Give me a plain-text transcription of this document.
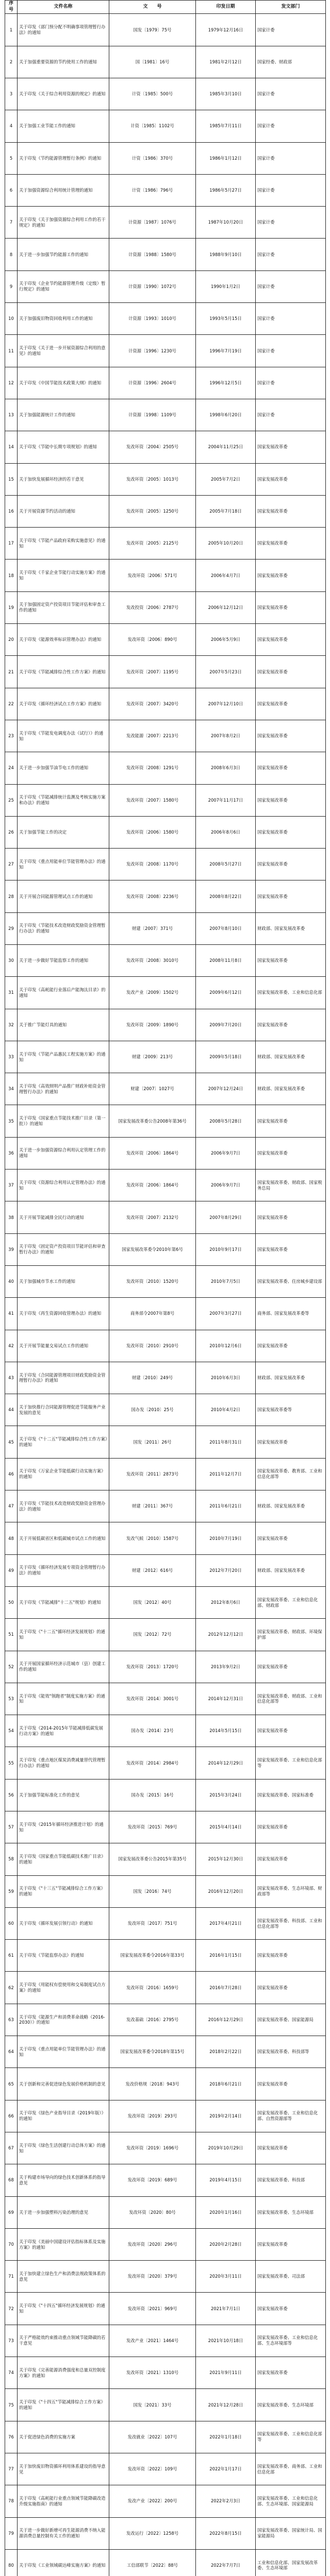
序号	文件名称	文　　号	印发日期	发文部门
1	关于印发《部门预分配不明确事项管理暂行办法》的通知	国发〔1979〕75号	1979年12月16日	国家计委
2	关于加强重要资源的节约使用工作的通知	国〔1981〕16号	1981年2月12日	国家经委、财政部
3	关于印发《关于综合利用资源的规定》的通知	计资〔1985〕500号	1985年3月10日	国家计委
4	关于加强工业节能工作的通知	计资〔1985〕1102号	1985年7月11日	国家计委
5	关于印发《节约能源管理暂行条例》的通知	计资〔1986〕370号	1986年1月12日	国家计委
6	关于加强资源综合利用统计管理的通知	计资〔1986〕796号	1986年5月27日	国家计委
7	关于印发《关于加强资源综合利用工作的若干规定》的通知	计资源〔1987〕1076号	1987年10月20日	国家计委
8	关于进一步加强节约能源工作的通知	计资源〔1988〕1580号	1988年9月10日	国家计委
9	关于印发《企业节约能源管理升级（定级）暂行规定》的通知	计资源〔1990〕1072号	1990年1月2日	国家计委
10	关于加强废旧物资回收利用工作的通知	计资源〔1993〕1010号	1993年5月15日	国家计委
11	关于印发《关于进一步开展资源综合利用的意见》的通知	计资源〔1996〕1230号	1996年7月19日	国家计委
12	关于印发《中国节能技术政策大纲》的通知	计资源〔1996〕2604号	1996年12月5日	国家计委
13	关于加强能源统计工作的通知	计资源〔1998〕1109号	1998年6月20日	国家计委
14	关于印发《节能中长期专项规划》的通知	发改环资〔2004〕2505号	2004年11月25日	国家发展改革委
15	关于加快发展循环经济的若干意见	发改环资〔2005〕1013号	2005年7月2日	国家发展改革委
16	关于开展资源节约活动的通知	发改环资〔2005〕1250号	2005年7月18日	国家发展改革委
17	关于印发《节能产品政府采购实施意见》的通知	发改环资〔2005〕2125号	2005年10月20日	国家发展改革委
18	关于印发《千家企业节能行动实施方案》的通知	发改环资〔2006〕571号	2006年4月7日	国家发展改革委
19	关于加强固定资产投资项目节能评估和审查工作的通知	发改投资〔2006〕2787号	2006年12月12日	国家发展改革委
20	关于印发《能源效率标识管理办法》的通知	发改环资〔2006〕890号	2006年5月9日	国家发展改革委
21	关于印发《节能减排综合性工作方案》的通知	发改环资〔2007〕1195号	2007年5月23日	国家发展改革委
22	关于印发《循环经济试点工作方案》的通知	发改环资〔2007〕3420号	2007年12月10日	国家发展改革委
23	关于印发《节能发电调度办法（试行）》的通知	发改能源〔2007〕2213号	2007年8月2日	国家发展改革委
24	关于进一步加强节油节电工作的通知	发改环资〔2008〕1291号	2008年6月3日	国家发展改革委
25	关于印发《节能减排统计监测及考核实施方案和办法》的通知	发改环资〔2007〕1580号	2007年11月17日	国家发展改革委
26	关于加强节能工作的决定	发改环资〔2006〕1580号	2006年8月6日	国家发展改革委
27	关于印发《重点用能单位节能管理办法》的通知	发改环资〔2008〕1170号	2008年5月27日	国家发展改革委
28	关于开展合同能源管理试点工作的通知	发改环资〔2008〕2236号	2008年8月22日	国家发展改革委
29	关于印发《节能技术改造财政奖励资金管理暂行办法》的通知	财建〔2007〕371号	2007年8月10日	财政部、国家发展改革委
30	关于进一步做好节能监察工作的通知	发改环资〔2008〕3010号	2008年11月8日	国家发展改革委
31	关于印发《高耗能行业落后产能淘汰目录》的通知	发改产业〔2009〕1502号	2009年6月12日	国家发展改革委、工业和信息化部
32	关于推广节能灯具的通知	发改环资〔2009〕1890号	2009年7月20日	国家发展改革委
33	关于印发《节能产品惠民工程实施方案》的通知	财建〔2009〕213号	2009年5月18日	财政部、国家发展改革委
34	关于印发《高效照明产品推广财政补贴资金管理暂行办法》的通知	财建〔2007〕1027号	2007年12月24日	财政部、国家发展改革委
35	关于印发《国家重点节能技术推广目录（第一批）》的通知	国家发展改革委公告2008年第36号	2008年5月28日	国家发展改革委
36	关于进一步加强资源综合利用认定管理工作的通知	发改环资〔2006〕1864号	2006年9月7日	国家发展改革委
37	关于印发《资源综合利用认定管理办法》的通知	发改环资〔2006〕1864号	2006年9月7日	国家发展改革委、财政部、国家税务总局
38	关于开展节能减排全民行动的通知	发改环资〔2007〕2132号	2007年8月29日	国家发展改革委
39	关于印发《固定资产投资项目节能评估和审查暂行办法》的通知	国家发展改革委令2010年第6号	2010年9月17日	国家发展改革委
40	关于加强城市节水工作的通知	发改环资〔2010〕1520号	2010年7月5日	国家发展改革委、住房城乡建设部
41	关于印发《再生资源回收管理办法》的通知	商务部令2007年第8号	2007年3月27日	商务部、国家发展改革委等
42	关于开展节能量交易试点工作的通知	发改环资〔2010〕2910号	2010年12月6日	国家发展改革委
43	关于印发《合同能源管理项目财政奖励资金管理暂行办法》的通知	财建〔2010〕249号	2010年6月3日	财政部、国家发展改革委
44	关于加快推行合同能源管理促进节能服务产业发展的意见	国办发〔2010〕25号	2010年4月2日	国家发展改革委等
45	关于印发《"十二五"节能减排综合性工作方案》的通知	国发〔2011〕26号	2011年8月31日	国家发展改革委
46	关于印发《万家企业节能低碳行动实施方案》的通知	发改环资〔2011〕2873号	2011年12月7日	国家发展改革委、教育部、工业和信息化部等
47	关于印发《节能技术改造财政奖励资金管理办法》的通知	财建〔2011〕367号	2011年6月21日	财政部、国家发展改革委
48	关于开展低碳省区和低碳城市试点工作的通知	发改气候〔2010〕1587号	2010年7月19日	国家发展改革委
49	关于印发《循环经济发展专项资金管理暂行办法》的通知	财建〔2012〕616号	2012年7月20日	财政部、国家发展改革委
50	关于印发《节能减排"十二五"规划》的通知	国发〔2012〕40号	2012年8月6日	国家发展改革委、工业和信息化部、财政部
51	关于印发《"十二五"循环经济发展规划》的通知	国发〔2012〕72号	2012年12月12日	国家发展改革委、财政部、环境保护部
52	关于开展国家循环经济示范城市（县）创建工作的通知	发改环资〔2013〕1720号	2013年9月2日	国家发展改革委
53	关于印发《能效"领跑者"制度实施方案》的通知	发改环资〔2014〕3001号	2014年12月31日	国家发展改革委、财政部、工业和信息化部等
54	关于印发《2014-2015年节能减排低碳发展行动方案》的通知	国办发〔2014〕23号	2014年5月15日	国家发展改革委
55	关于印发《重点地区煤炭消费减量替代管理暂行办法》的通知	发改环资〔2014〕2984号	2014年12月29日	国家发展改革委、工业和信息化部等
56	关于加强节能标准化工作的意见	国办发〔2015〕16号	2015年3月24日	国家发展改革委、国家标准委
57	关于印发《2015年循环经济推进计划》的通知	发改环资〔2015〕769号	2015年4月14日	国家发展改革委
58	关于印发《国家重点节能低碳技术推广目录》的通知	国家发展改革委公告2015年第35号	2015年12月30日	国家发展改革委
59	关于印发《"十三五"节能减排综合工作方案》的通知	国发〔2016〕74号	2016年12月20日	国家发展改革委、生态环境部、财政部等
60	关于印发《循环发展引领行动》的通知	发改环资〔2017〕751号	2017年4月21日	国家发展改革委、科技部、工业和信息化部等
61	关于印发《节能监察办法》的通知	国家发展改革委令2016年第33号	2016年1月15日	国家发展改革委
62	关于印发《用能权有偿使用和交易制度试点方案》的通知	发改环资〔2016〕1659号	2016年7月28日	国家发展改革委
63	关于印发《能源生产和消费革命战略（2016-2030）》的通知	发改基础〔2016〕2795号	2016年12月29日	国家发展改革委、国家能源局
64	关于印发《重点用能单位节能管理办法》的通知	国家发展改革委令2018年第15号	2018年2月22日	国家发展改革委、科技部等
65	关于创新和完善促进绿色发展价格机制的意见	发改价格规〔2018〕943号	2018年6月21日	国家发展改革委
66	关于印发《绿色产业指导目录（2019年版）》的通知	发改环资〔2019〕293号	2019年2月14日	国家发展改革委、工业和信息化部、自然资源部等
67	关于印发《绿色生活创建行动总体方案》的通知	发改环资〔2019〕1696号	2019年10月29日	国家发展改革委
68	关于构建市场导向的绿色技术创新体系的指导意见	发改环资〔2019〕689号	2019年4月15日	国家发展改革委、科技部
69	关于进一步加强塑料污染治理的意见	发改环资〔2020〕80号	2020年1月16日	国家发展改革委、生态环境部
70	关于印发《美丽中国建设评估指标体系及实施方案》的通知	发改环资〔2020〕296号	2020年2月28日	国家发展改革委
71	关于加快建立绿色生产和消费法规政策体系的意见	发改环资〔2020〕379号	2020年3月11日	国家发展改革委、司法部
72	关于印发《"十四五"循环经济发展规划》的通知	发改环资〔2021〕969号	2021年7月1日	国家发展改革委
73	关于严格能效约束推动重点领域节能降碳的若干意见	发改产业〔2021〕1464号	2021年10月18日	国家发展改革委、工业和信息化部、生态环境部等
74	关于印发《完善能源消费强度和总量双控制度方案》的通知	发改环资〔2021〕1310号	2021年9月11日	国家发展改革委
75	关于印发《"十四五"节能减排综合工作方案》的通知	国发〔2021〕33号	2021年12月28日	国家发展改革委、生态环境部
76	关于促进绿色消费的实施方案	发改就业〔2022〕107号	2022年1月18日	国家发展改革委、工业和信息化部等
77	关于加快废旧物资循环利用体系建设的指导意见	发改环资〔2022〕109号	2022年1月17日	国家发展改革委、商务部、工业和信息化部
78	关于印发《高耗能行业重点领域节能降碳改造升级实施指南》的通知	发改产业〔2022〕200号	2022年2月3日	国家发展改革委、工业和信息化部、生态环境部、国家能源局
79	关于进一步做好新增可再生能源消费不纳入能源消费总量控制有关工作的通知	发改运行〔2022〕1258号	2022年8月15日	国家发展改革委、国家统计局、国家能源局
80	关于印发《工业领域碳达峰实施方案》的通知	工信部联节〔2022〕88号	2022年7月7日	工业和信息化部、国家发展改革委、生态环境部
